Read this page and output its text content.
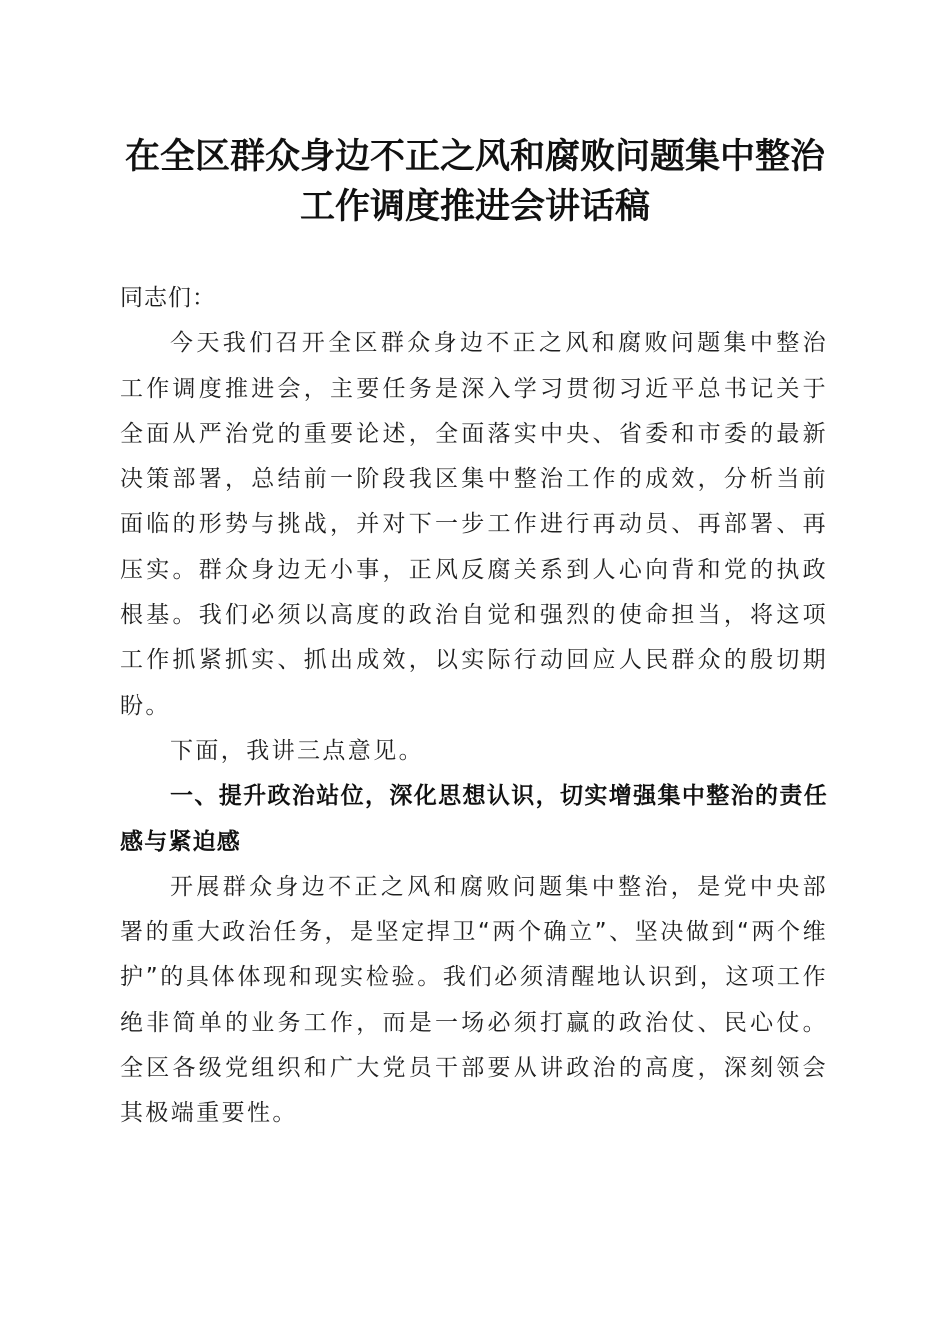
在全区群众身边不正之风和腐败问题集中整治
工作调度推进会讲话稿

同志们：

今天我们召开全区群众身边不正之风和腐败问题集中整治工作调度推进会，主要任务是深入学习贯彻习近平总书记关于全面从严治党的重要论述，全面落实中央、省委和市委的最新决策部署，总结前一阶段我区集中整治工作的成效，分析当前面临的形势与挑战，并对下一步工作进行再动员、再部署、再压实。群众身边无小事，正风反腐关系到人心向背和党的执政根基。我们必须以高度的政治自觉和强烈的使命担当，将这项工作抓紧抓实、抓出成效，以实际行动回应人民群众的殷切期盼。

下面，我讲三点意见。

一、提升政治站位，深化思想认识，切实增强集中整治的责任感与紧迫感

开展群众身边不正之风和腐败问题集中整治，是党中央部署的重大政治任务，是坚定捍卫“两个确立”、坚决做到“两个维护”的具体体现和现实检验。我们必须清醒地认识到，这项工作绝非简单的业务工作，而是一场必须打赢的政治仗、民心仗。全区各级党组织和广大党员干部要从讲政治的高度，深刻领会其极端重要性。
